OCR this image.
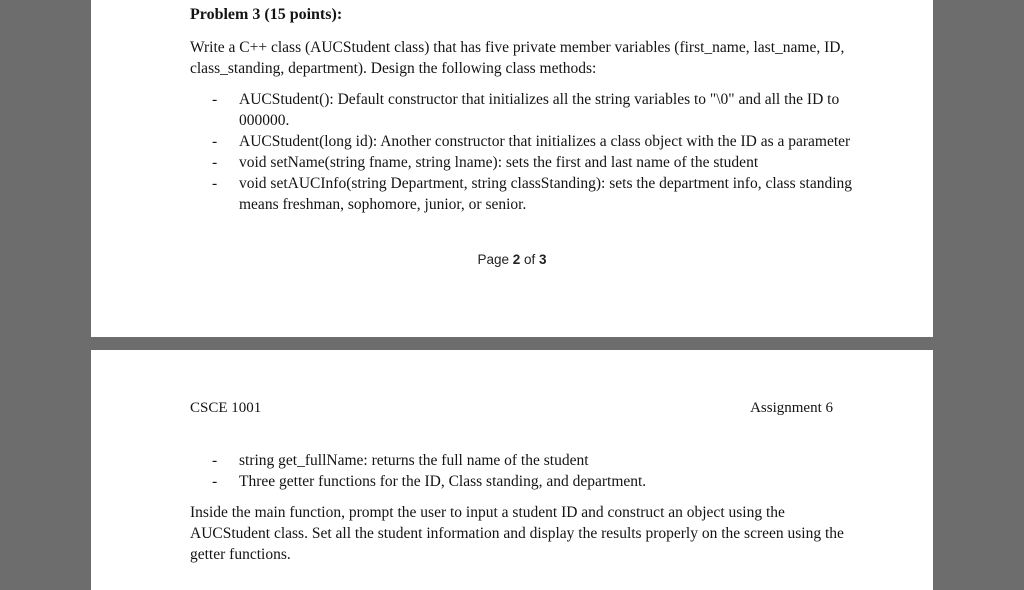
Problem 3 (15 points):

Write a C++ class (AUCStudent class) that has five private member variables (first_name, last_name, ID, class_standing, department). Design the following class methods:

- AUCStudent(): Default constructor that initializes all the string variables to "\0" and all the ID to 000000.
- AUCStudent(long id): Another constructor that initializes a class object with the ID as a parameter
- void setName(string fname, string lname): sets the first and last name of the student
- void setAUCInfo(string Department, string classStanding): sets the department info, class standing means freshman, sophomore, junior, or senior.
Page 2 of 3
CSCE 1001	Assignment 6
- string get_fullName: returns the full name of the student
- Three getter functions for the ID, Class standing, and department.

Inside the main function, prompt the user to input a student ID and construct an object using the AUCStudent class. Set all the student information and display the results properly on the screen using the getter functions.
